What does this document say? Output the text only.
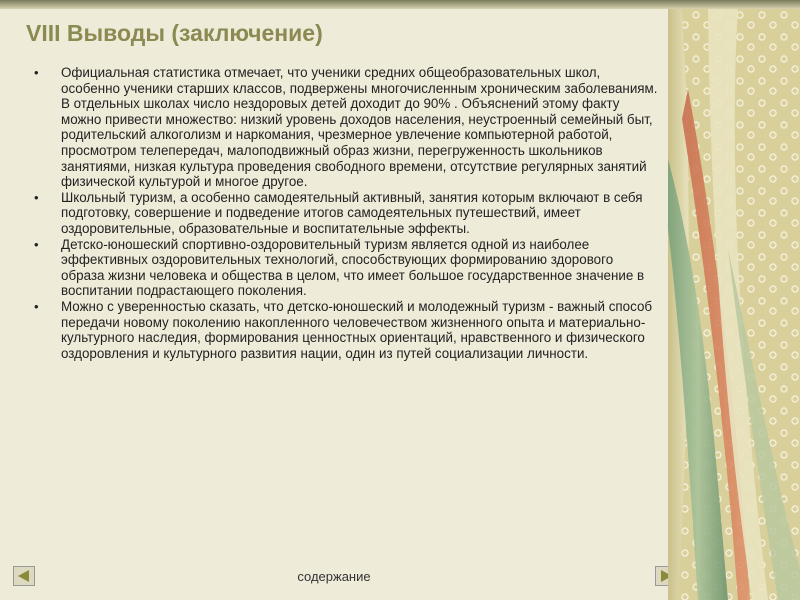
VIII Выводы (заключение)
• Официальная статистика отмечает, что ученики средних общеобразовательных школ, особенно ученики старших классов, подвержены многочисленным хроническим заболеваниям. В отдельных школах число нездоровых детей доходит до 90% . Объяснений этому факту можно привести множество: низкий уровень доходов населения, неустроенный семейный быт, родительский алкоголизм и наркомания, чрезмерное увлечение компьютерной работой, просмотром телепередач, малоподвижный образ жизни, перегруженность школьников занятиями, низкая культура проведения свободного времени, отсутствие регулярных занятий физической культурой и многое другое.
• Школьный туризм, а особенно самодеятельный активный, занятия которым включают в себя подготовку, совершение и подведение итогов самодеятельных путешествий, имеет оздоровительные, образовательные и воспитательные эффекты.
• Детско-юношеский спортивно-оздоровительный туризм является одной из наиболее эффективных оздоровительных технологий, способствующих формированию здорового образа жизни человека и общества в целом, что имеет большое государственное значение в воспитании подрастающего поколения.
• Можно с уверенностью сказать, что детско-юношеский и молодежный туризм - важный способ передачи новому поколению накопленного человечеством жизненного опыта и материально-культурного наследия, формирования ценностных ориентаций, нравственного и физического оздоровления и культурного развития нации, один из путей социализации личности.
содержание
